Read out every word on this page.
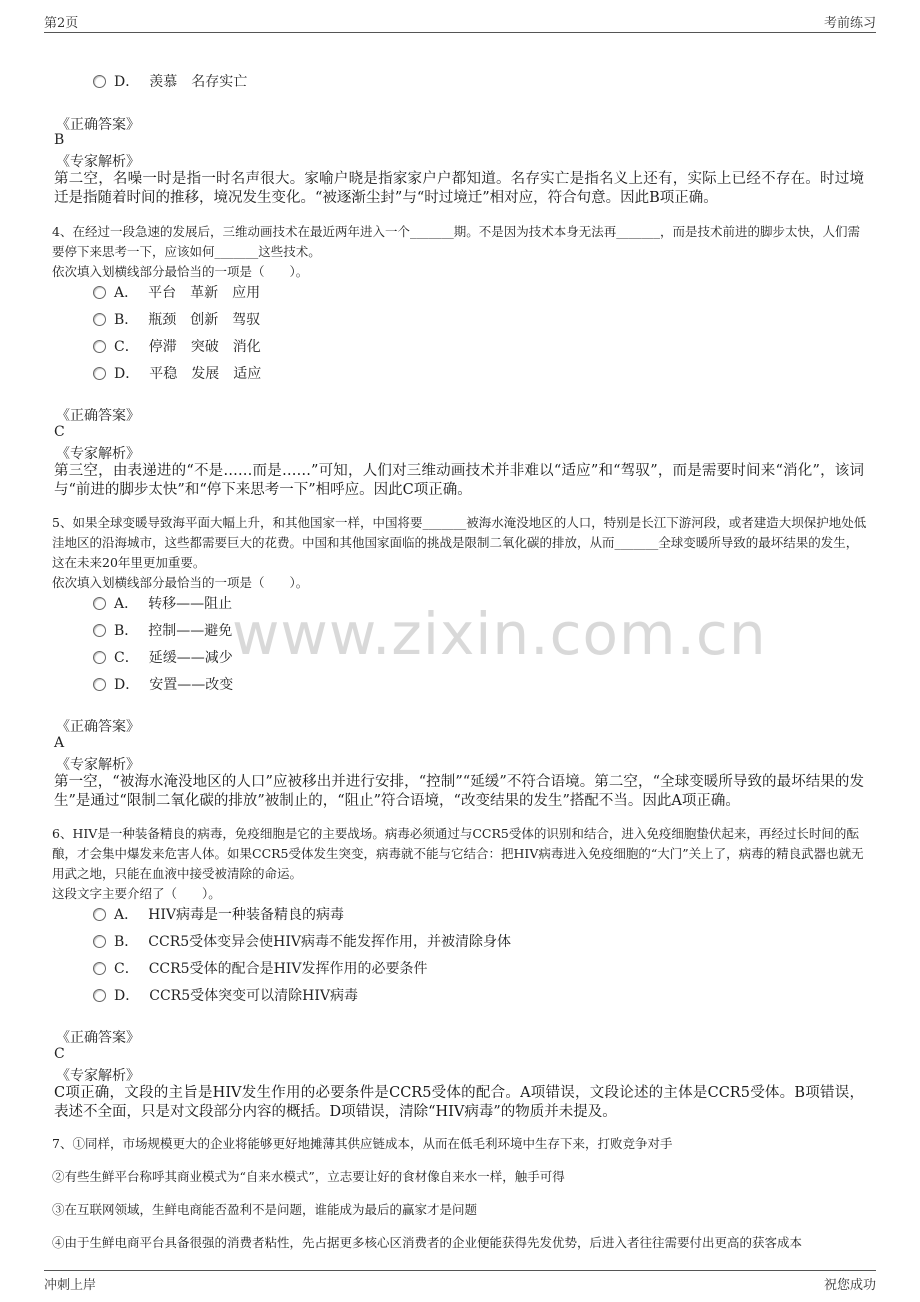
第2页	考前练习
www.zixin.com.cn
D． 羡慕　名存实亡
《正确答案》
B
《专家解析》
第二空，名噪一时是指一时名声很大。家喻户晓是指家家户户都知道。名存实亡是指名义上还有，实际上已经不存在。时过境迁是指随着时间的推移，境况发生变化。“被逐渐尘封”与“时过境迁”相对应，符合句意。因此B项正确。

4、在经过一段急速的发展后，三维动画技术在最近两年进入一个_______期。不是因为技术本身无法再_______，而是技术前进的脚步太快，人们需要停下来思考一下，应该如何_______这些技术。

依次填入划横线部分最恰当的一项是（　　）。

A． 平台　革新　应用
B． 瓶颈　创新　驾驭
C． 停滞　突破　消化
D． 平稳　发展　适应
《正确答案》
C
《专家解析》
第三空，由表递进的“不是……而是……”可知，人们对三维动画技术并非难以“适应”和“驾驭”，而是需要时间来“消化”，该词与“前进的脚步太快”和“停下来思考一下”相呼应。因此C项正确。

5、如果全球变暖导致海平面大幅上升，和其他国家一样，中国将要_______被海水淹没地区的人口，特别是长江下游河段，或者建造大坝保护地处低洼地区的沿海城市，这些都需要巨大的花费。中国和其他国家面临的挑战是限制二氧化碳的排放，从而_______全球变暖所导致的最坏结果的发生，这在未来20年里更加重要。

依次填入划横线部分最恰当的一项是（　　）。

A． 转移——阻止
B． 控制——避免
C． 延缓——减少
D． 安置——改变
《正确答案》
A
《专家解析》
第一空，“被海水淹没地区的人口”应被移出并进行安排，“控制”“延缓”不符合语境。第二空，“全球变暖所导致的最坏结果的发生”是通过“限制二氧化碳的排放”被制止的，“阻止”符合语境，“改变结果的发生”搭配不当。因此A项正确。

6、HIV是一种装备精良的病毒，免疫细胞是它的主要战场。病毒必须通过与CCR5受体的识别和结合，进入免疫细胞蛰伏起来，再经过长时间的酝酿，才会集中爆发来危害人体。如果CCR5受体发生突变，病毒就不能与它结合：把HIV病毒进入免疫细胞的“大门”关上了，病毒的精良武器也就无用武之地，只能在血液中接受被清除的命运。

这段文字主要介绍了（　　）。

A． HIV病毒是一种装备精良的病毒
B． CCR5受体变异会使HIV病毒不能发挥作用，并被清除身体
C． CCR5受体的配合是HIV发挥作用的必要条件
D． CCR5受体突变可以清除HIV病毒
《正确答案》
C
《专家解析》
C项正确，文段的主旨是HIV发生作用的必要条件是CCR5受体的配合。A项错误，文段论述的主体是CCR5受体。B项错误，表述不全面，只是对文段部分内容的概括。D项错误，清除“HIV病毒”的物质并未提及。
7、①同样，市场规模更大的企业将能够更好地摊薄其供应链成本，从而在低毛利环境中生存下来，打败竞争对手
②有些生鲜平台称呼其商业模式为“自来水模式”，立志要让好的食材像自来水一样，触手可得
③在互联网领域，生鲜电商能否盈利不是问题，谁能成为最后的赢家才是问题
④由于生鲜电商平台具备很强的消费者粘性，先占据更多核心区消费者的企业便能获得先发优势，后进入者往往需要付出更高的获客成本
冲刺上岸	祝您成功
